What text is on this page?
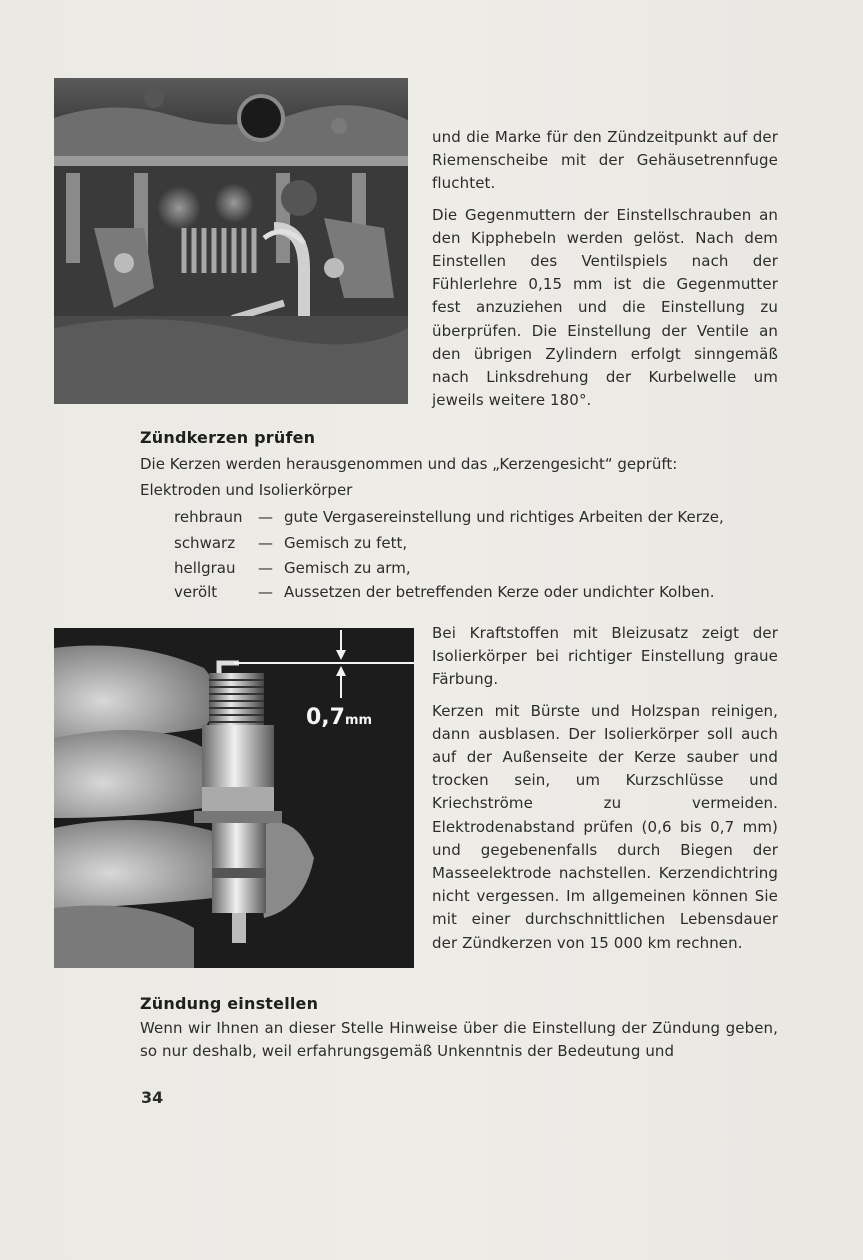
und die Marke für den Zündzeitpunkt auf der Riemenscheibe mit der Gehäusetrennfuge fluchtet.

Die Gegenmuttern der Einstellschrauben an den Kipphebeln werden gelöst. Nach dem Einstellen des Ventilspiels nach der Fühlerlehre 0,15 mm ist die Gegenmutter fest anzuziehen und die Einstellung zu überprüfen. Die Einstellung der Ventile an den übrigen Zylindern erfolgt sinngemäß nach Linksdrehung der Kurbelwelle um jeweils weitere 180°.

Zündkerzen prüfen
Die Kerzen werden herausgenommen und das „Kerzengesicht“ geprüft:
Elektroden und Isolierkörper
rehbraun	— gute Vergasereinstellung und richtiges Arbeiten der Kerze,
schwarz	— Gemisch zu fett,
hellgrau	— Gemisch zu arm,
verölt	— Aussetzen der betreffenden Kerze oder undichter Kolben.
0,7mm

Bei Kraftstoffen mit Bleizusatz zeigt der Isolierkörper bei richtiger Einstellung graue Färbung.

Kerzen mit Bürste und Holzspan reinigen, dann ausblasen. Der Isolierkörper soll auch auf der Außenseite der Kerze sauber und trocken sein, um Kurzschlüsse und Kriechströme zu vermeiden. Elektrodenabstand prüfen (0,6 bis 0,7 mm) und gegebenenfalls durch Biegen der Masseelektrode nachstellen. Kerzendichtring nicht vergessen. Im allgemeinen können Sie mit einer durchschnittlichen Lebensdauer der Zündkerzen von 15 000 km rechnen.

Zündung einstellen
Wenn wir Ihnen an dieser Stelle Hinweise über die Einstellung der Zündung geben, so nur deshalb, weil erfahrungsgemäß Unkenntnis der Bedeutung und
34
